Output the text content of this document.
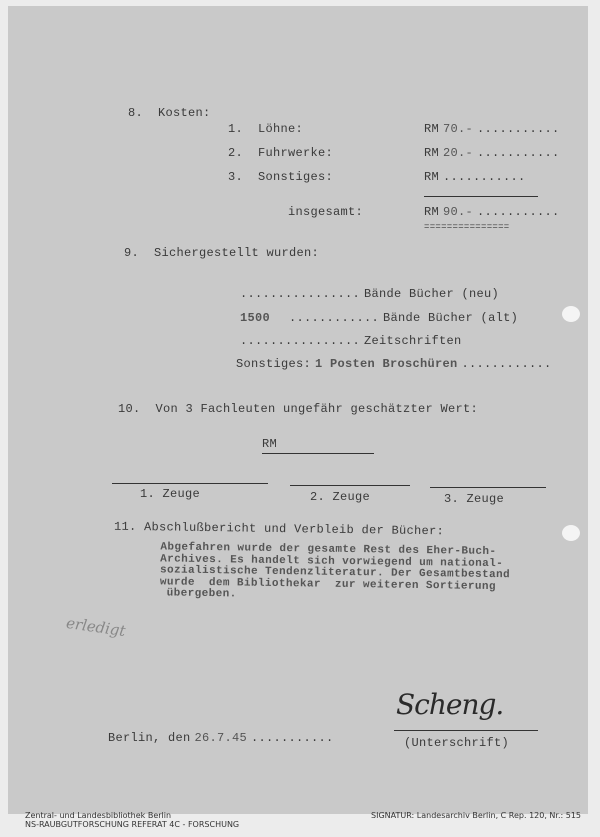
8.  Kosten:
1.  Löhne:	RM 70.- ...........
2.  Fuhrwerke:	RM 20.- ...........
3.  Sonstiges:	RM ...........
insgesamt:	RM 90.- ...........
===============
9.  Sichergestellt wurden:
................ Bände Bücher (neu)
1500 ............ Bände Bücher (alt)
................ Zeitschriften
Sonstiges: 1 Posten Broschüren ............
10.  Von 3 Fachleuten ungefähr geschätzter Wert:
RM
1. Zeuge	2. Zeuge	3. Zeuge
11. Abschlußbericht und Verbleib der Bücher:
Abgefahren wurde der gesamte Rest des Eher-Buch-
Archives. Es handelt sich vorwiegend um national-
sozialistische Tendenzliteratur. Der Gesamtbestand
wurde  dem Bibliothekar  zur weiteren Sortierung
übergeben.
erledigt
Berlin, den 26.7.45 ...........
Scheng.
(Unterschrift)
Zentral- und Landesbibliothek Berlin
NS-RAUBGUTFORSCHUNG REFERAT 4C - FORSCHUNG
SIGNATUR: Landesarchiv Berlin, C Rep. 120, Nr.: 515
